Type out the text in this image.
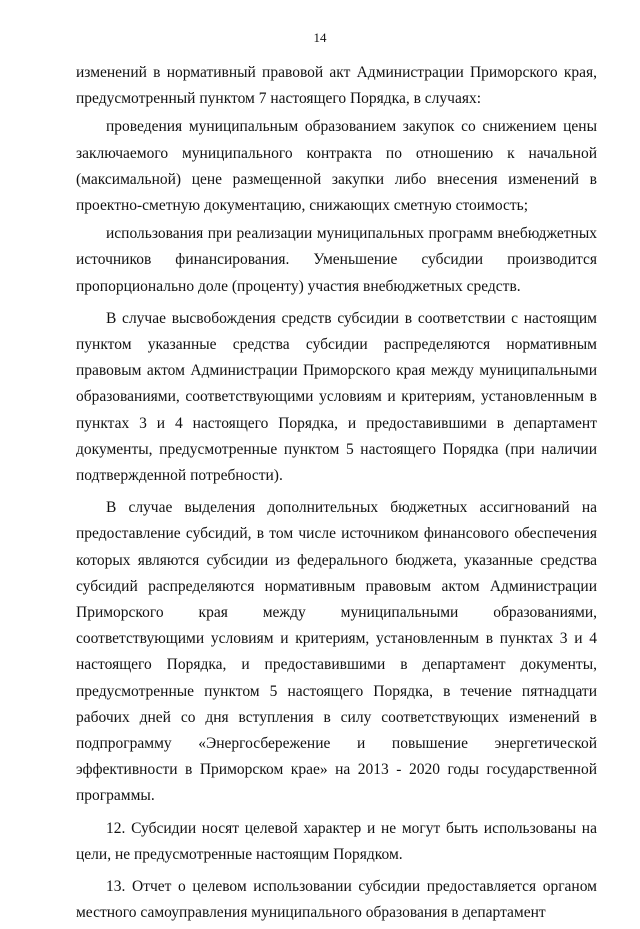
14

изменений в нормативный правовой акт Администрации Приморского края, предусмотренный пунктом 7 настоящего Порядка, в случаях:

проведения муниципальным образованием закупок со снижением цены заключаемого муниципального контракта по отношению к начальной (максимальной) цене размещенной закупки либо внесения изменений в проектно-сметную документацию, снижающих сметную стоимость;

использования при реализации муниципальных программ внебюджетных источников финансирования. Уменьшение субсидии производится пропорционально доле (проценту) участия внебюджетных средств.

В случае высвобождения средств субсидии в соответствии с настоящим пунктом указанные средства субсидии распределяются нормативным правовым актом Администрации Приморского края между муниципальными образованиями, соответствующими условиям и критериям, установленным в пунктах 3 и 4 настоящего Порядка, и предоставившими в департамент документы, предусмотренные пунктом 5 настоящего Порядка (при наличии подтвержденной потребности).

В случае выделения дополнительных бюджетных ассигнований на предоставление субсидий, в том числе источником финансового обеспечения которых являются субсидии из федерального бюджета, указанные средства субсидий распределяются нормативным правовым актом Администрации Приморского края между муниципальными образованиями, соответствующими условиям и критериям, установленным в пунктах 3 и 4 настоящего Порядка, и предоставившими в департамент документы, предусмотренные пунктом 5 настоящего Порядка, в течение пятнадцати рабочих дней со дня вступления в силу соответствующих изменений в подпрограмму «Энергосбережение и повышение энергетической эффективности в Приморском крае» на 2013 - 2020 годы государственной программы.

12. Субсидии носят целевой характер и не могут быть использованы на цели, не предусмотренные настоящим Порядком.

13. Отчет о целевом использовании субсидии предоставляется органом местного самоуправления муниципального образования в департамент
